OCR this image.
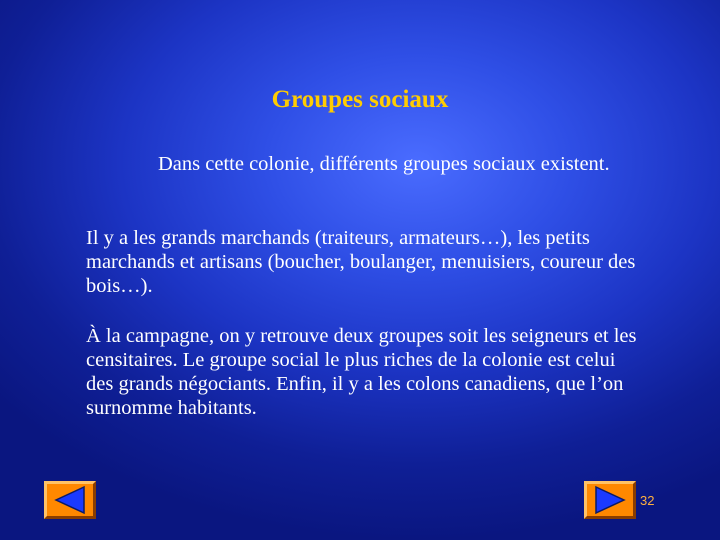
Groupes sociaux
Dans cette colonie, différents groupes sociaux existent.
Il y a les grands marchands (traiteurs, armateurs…), les petits marchands et artisans (boucher, boulanger, menuisiers, coureur des bois…).
À la campagne, on y retrouve deux groupes soit les seigneurs et les censitaires. Le groupe social le plus riches de la colonie est celui des grands négociants. Enfin, il y a les colons canadiens, que l’on surnomme habitants.
32
